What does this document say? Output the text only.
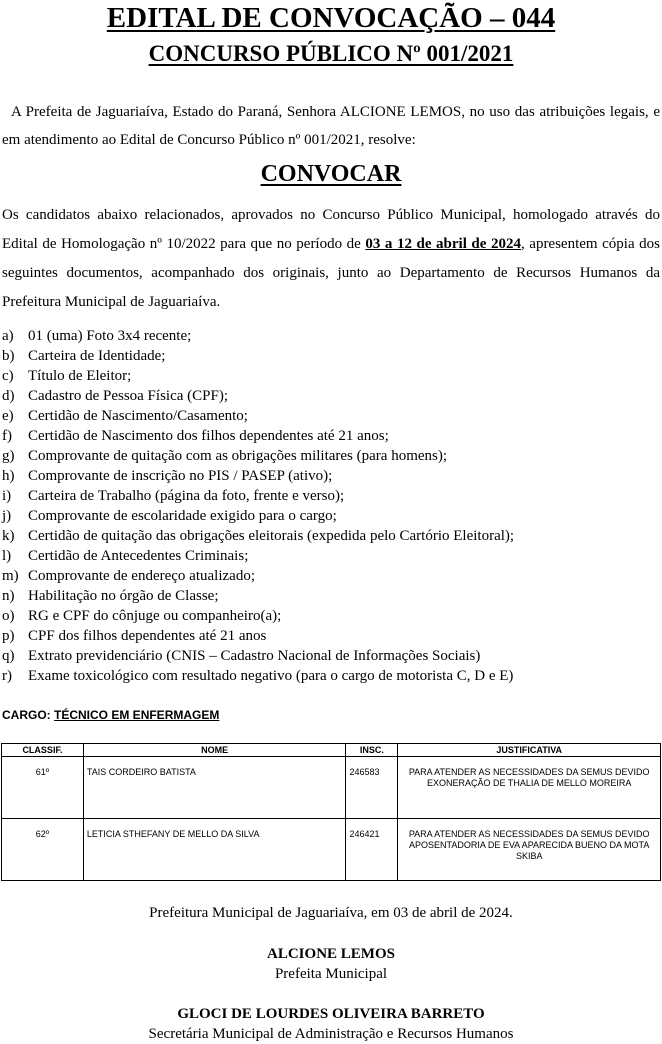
EDITAL DE CONVOCAÇÃO – 044
CONCURSO PÚBLICO Nº 001/2021

A Prefeita de Jaguariaíva, Estado do Paraná, Senhora ALCIONE LEMOS, no uso das atribuições legais, e em atendimento ao Edital de Concurso Público nº 001/2021, resolve:

CONVOCAR

Os candidatos abaixo relacionados, aprovados no Concurso Público Municipal, homologado através do Edital de Homologação nº 10/2022 para que no período de 03 a 12 de abril de 2024, apresentem cópia dos seguintes documentos, acompanhado dos originais, junto ao Departamento de Recursos Humanos da Prefeitura Municipal de Jaguariaíva.

a) 01 (uma) Foto 3x4 recente;
b) Carteira de Identidade;
c) Título de Eleitor;
d) Cadastro de Pessoa Física (CPF);
e) Certidão de Nascimento/Casamento;
f)	Certidão de Nascimento dos filhos dependentes até 21 anos;
g) Comprovante de quitação com as obrigações militares (para homens);
h) Comprovante de inscrição no PIS / PASEP (ativo);
i)	Carteira de Trabalho (página da foto, frente e verso);
j)	Comprovante de escolaridade exigido para o cargo;
k) Certidão de quitação das obrigações eleitorais (expedida pelo Cartório Eleitoral);
l)	Certidão de Antecedentes Criminais;
m) Comprovante de endereço atualizado;
n) Habilitação no órgão de Classe;
o) RG e CPF do cônjuge ou companheiro(a);
p) CPF dos filhos dependentes até 21 anos
q) Extrato previdenciário (CNIS – Cadastro Nacional de Informações Sociais)
r)	Exame toxicológico com resultado negativo (para o cargo de motorista C, D e E)
CARGO: TÉCNICO EM ENFERMAGEM
CLASSIF.	NOME	INSC.	JUSTIFICATIVA
61º	TAIS CORDEIRO BATISTA	246583	PARA ATENDER AS NECESSIDADES DA SEMUS DEVIDO EXONERAÇÃO DE THALIA DE MELLO MOREIRA
62º	LETICIA STHEFANY DE MELLO DA SILVA	246421	PARA ATENDER AS NECESSIDADES DA SEMUS DEVIDO APOSENTADORIA DE EVA APARECIDA BUENO DA MOTA SKIBA
Prefeitura Municipal de Jaguariaíva, em 03 de abril de 2024.
ALCIONE LEMOS
Prefeita Municipal
GLOCI DE LOURDES OLIVEIRA BARRETO
Secretária Municipal de Administração e Recursos Humanos
